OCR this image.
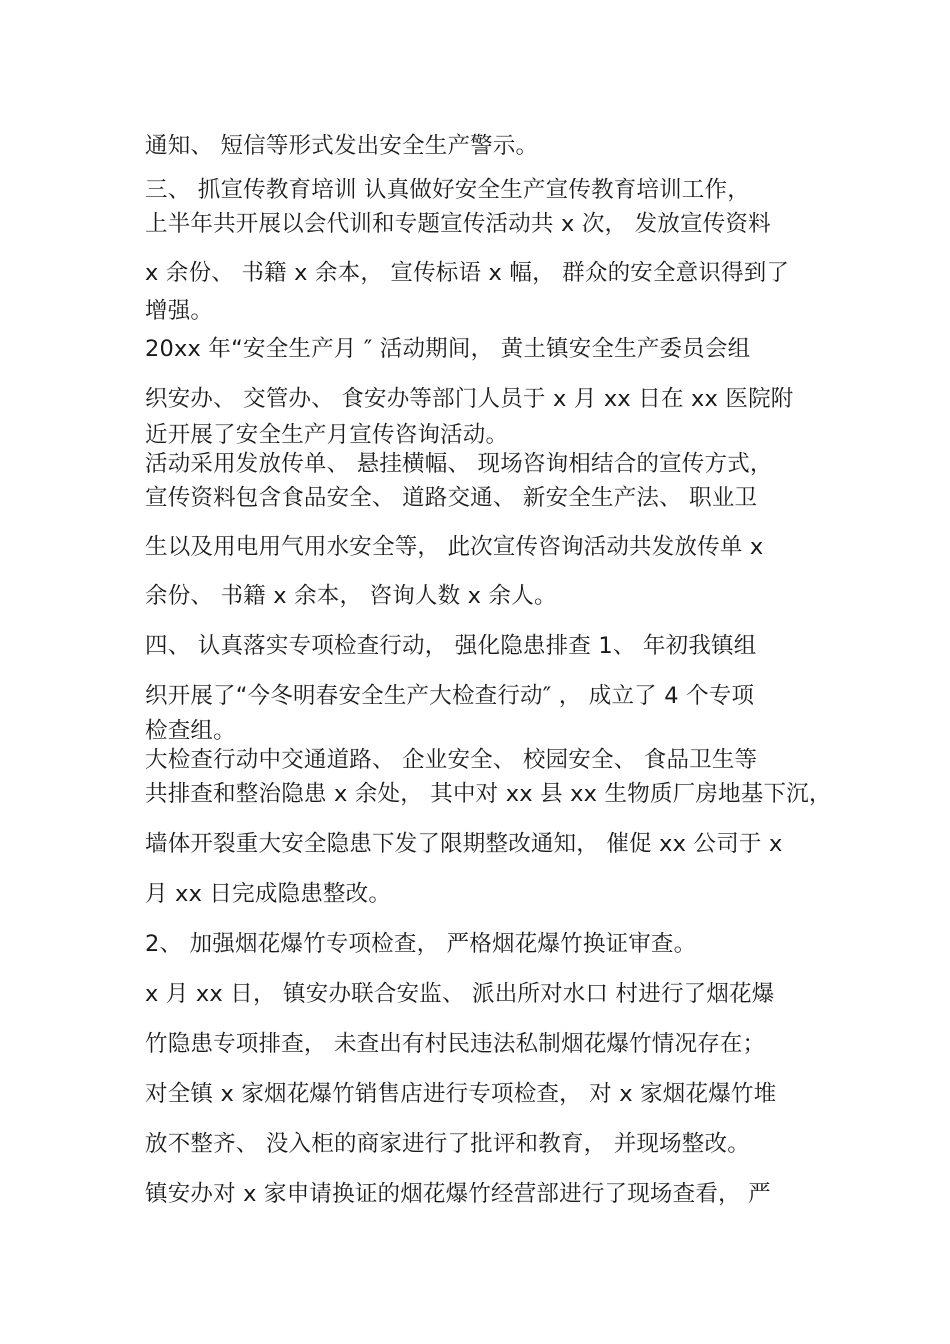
通知、 短信等形式发出安全生产警示。
三、 抓宣传教育培训 认真做好安全生产宣传教育培训工作，
上半年共开展以会代训和专题宣传活动共 x 次， 发放宣传资料
x 余份、 书籍 x 余本， 宣传标语 x 幅， 群众的安全意识得到了
增强。
20xx 年“安全生产月 ″ 活动期间， 黄土镇安全生产委员会组
织安办、 交管办、 食安办等部门人员于 x 月 xx 日在 xx 医院附
近开展了安全生产月宣传咨询活动。
活动采用发放传单、 悬挂横幅、 现场咨询相结合的宣传方式，
宣传资料包含食品安全、 道路交通、 新安全生产法、 职业卫
生以及用电用气用水安全等， 此次宣传咨询活动共发放传单 x
余份、 书籍 x 余本， 咨询人数 x 余人。
四、 认真落实专项检查行动， 强化隐患排查 1、 年初我镇组
织开展了“今冬明春安全生产大检查行动″ ， 成立了 4 个专项
检查组。
大检查行动中交通道路、 企业安全、 校园安全、 食品卫生等
共排查和整治隐患 x 余处， 其中对 xx 县 xx 生物质厂房地基下沉，
墙体开裂重大安全隐患下发了限期整改通知， 催促 xx 公司于 x
月 xx 日完成隐患整改。
2、 加强烟花爆竹专项检查， 严格烟花爆竹换证审查。
x 月 xx 日， 镇安办联合安监、 派出所对水口 村进行了烟花爆
竹隐患专项排查， 未查出有村民违法私制烟花爆竹情况存在；
对全镇 x 家烟花爆竹销售店进行专项检查， 对 x 家烟花爆竹堆
放不整齐、 没入柜的商家进行了批评和教育， 并现场整改。
镇安办对 x 家申请换证的烟花爆竹经营部进行了现场查看， 严
